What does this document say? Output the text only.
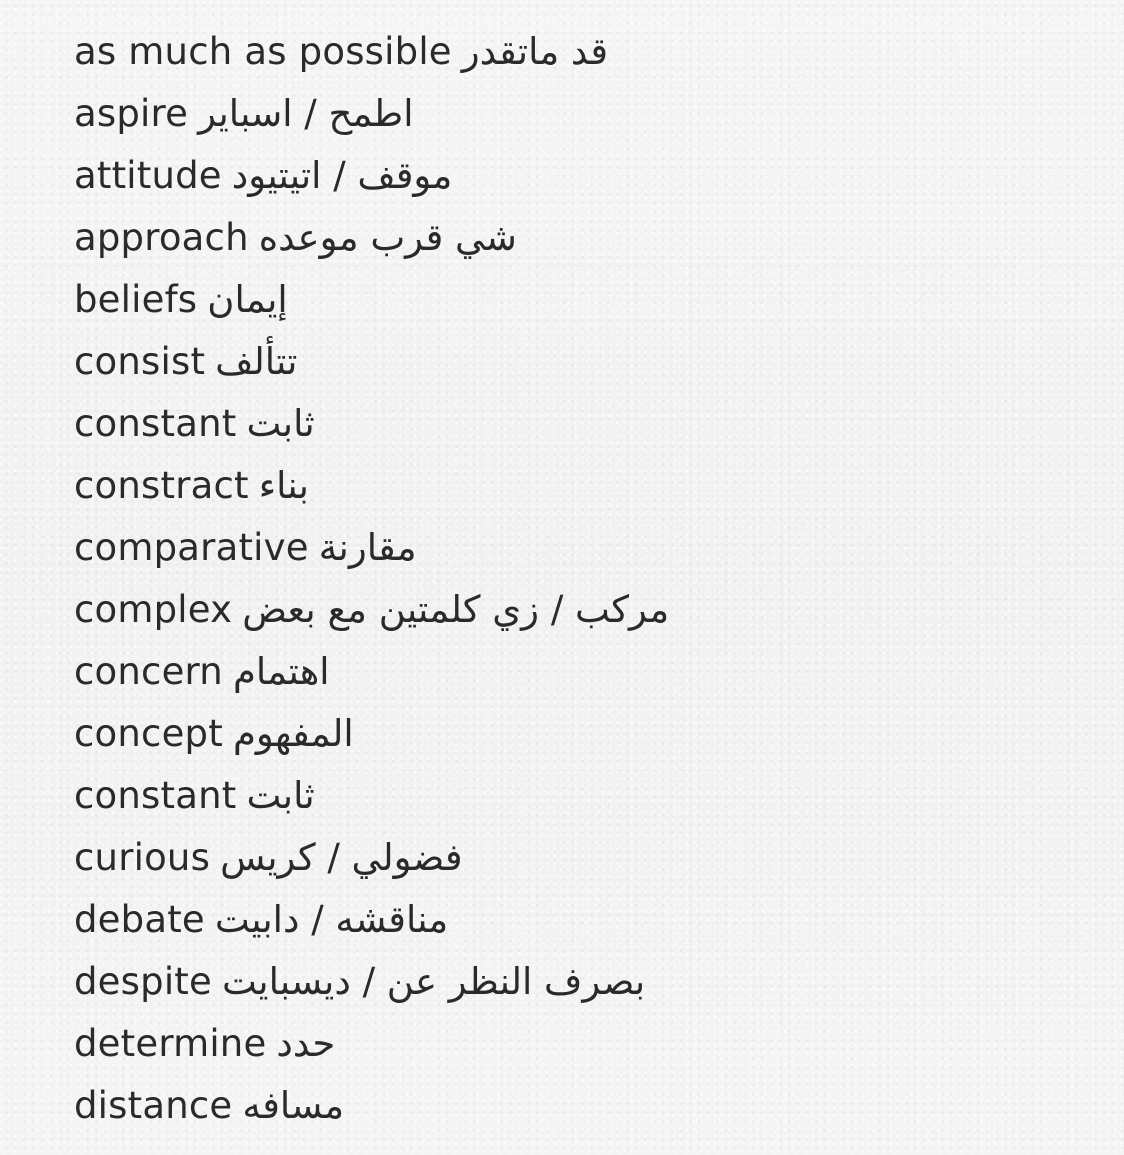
as much as possible قد ماتقدر
aspire اطمح / اسباير
attitude موقف / اتيتيود
approach شي قرب موعده
beliefs إيمان
consist تتألف
constant ثابت
constract بناء
comparative مقارنة
complex مركب / زي كلمتين مع بعض
concern اهتمام
concept المفهوم
constant ثابت
curious فضولي / كريس
debate مناقشه / دابيت
despite بصرف النظر عن / ديسبايت
determine حدد
distance مسافه
